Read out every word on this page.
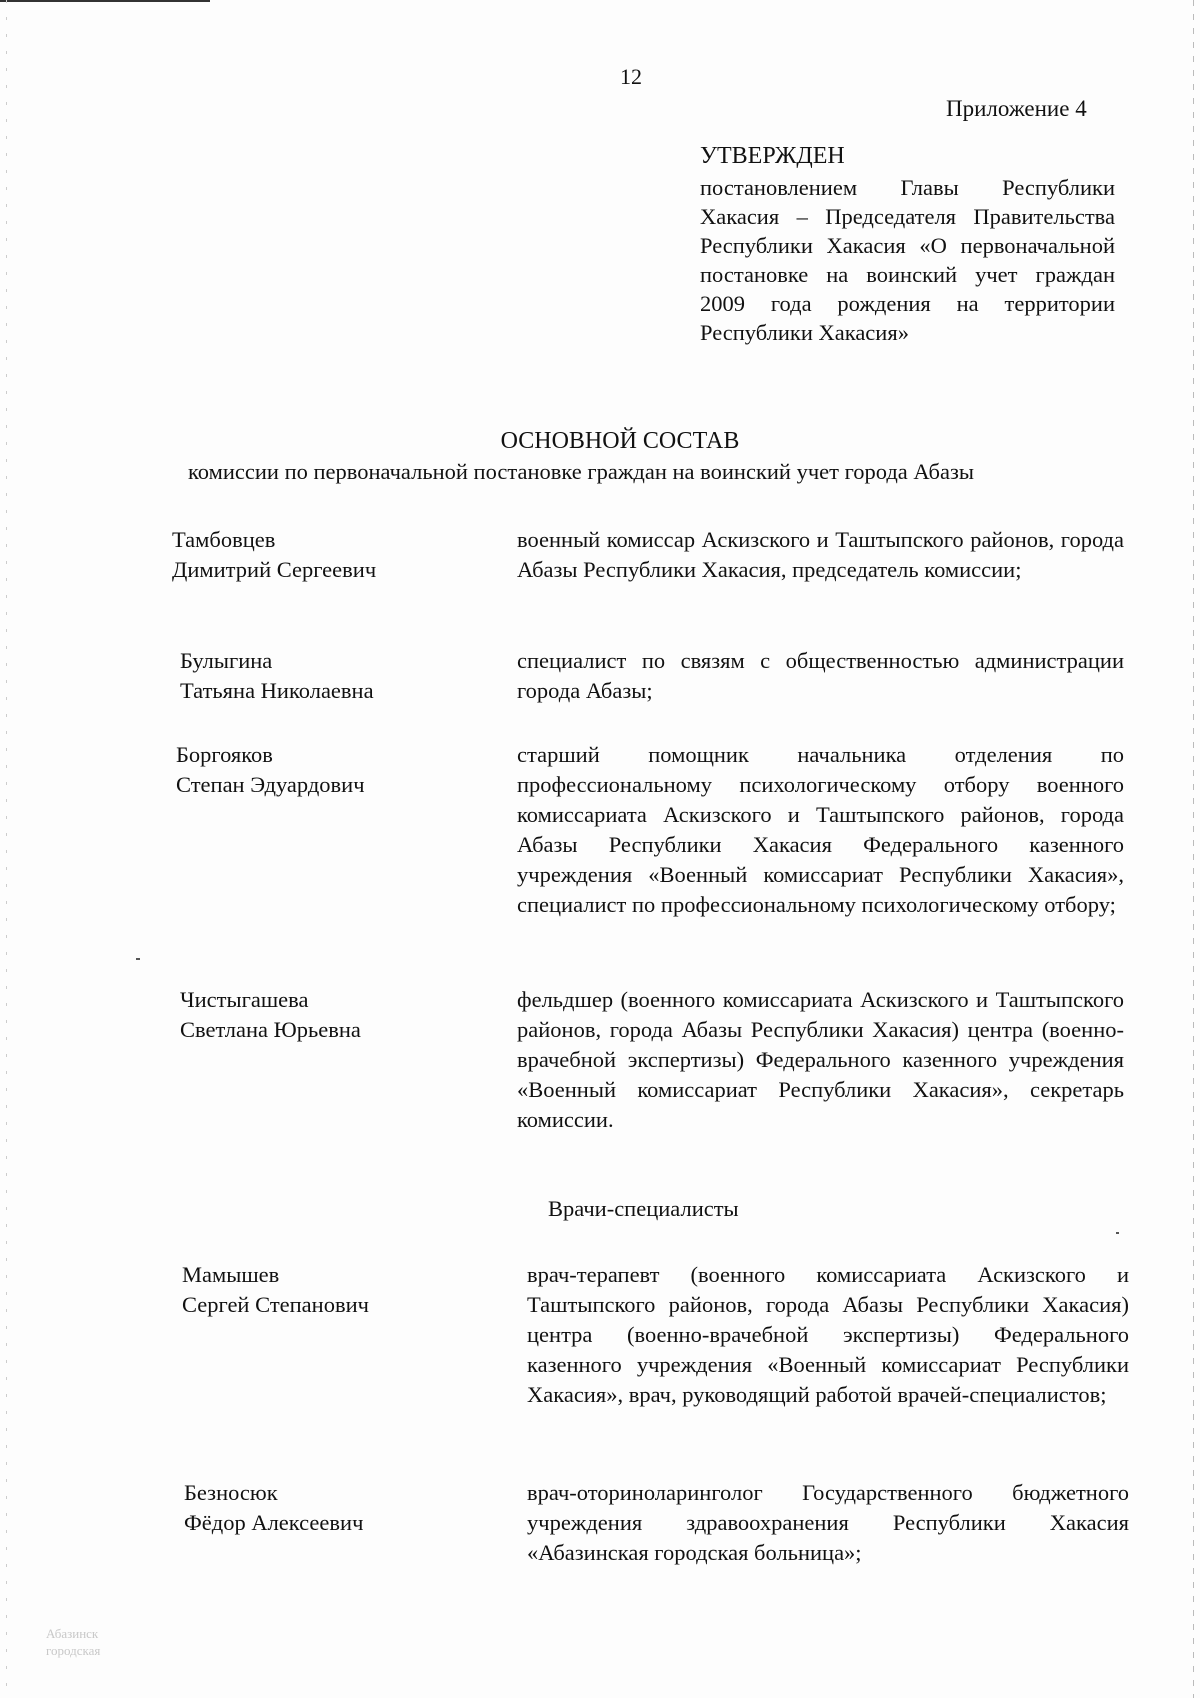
12
Приложение 4
УТВЕРЖДЕН
постановлением Главы Республики Хакасия – Председателя Правительства Республики Хакасия «О первоначальной постановке на воинский учет граждан 2009 года рождения на территории Республики Хакасия»
ОСНОВНОЙ СОСТАВ
комиссии по первоначальной постановке граждан на воинский учет города Абазы
Тамбовцев
Димитрий Сергеевич
военный комиссар Аскизского и Таштыпского районов, города Абазы Республики Хакасия, председатель комиссии;
Булыгина
Татьяна Николаевна
специалист по связям с общественностью администрации города Абазы;
Боргояков
Степан Эдуардович
старший помощник начальника отделения по профессиональному психологическому отбору военного комиссариата Аскизского и Таштыпского районов, города Абазы Республики Хакасия Федерального казенного учреждения «Военный комиссариат Республики Хакасия», специалист по профессиональному психологическому отбору;
Чистыгашева
Светлана Юрьевна
фельдшер (военного комиссариата Аскизского и Таштыпского районов, города Абазы Республики Хакасия) центра (военно-врачебной экспертизы) Федерального казенного учреждения «Военный комиссариат Республики Хакасия», секретарь комиссии.
Врачи-специалисты
Мамышев
Сергей Степанович
врач-терапевт (военного комиссариата Аскизского и Таштыпского районов, города Абазы Республики Хакасия) центра (военно-врачебной экспертизы) Федерального казенного учреждения «Военный комиссариат Республики Хакасия», врач, руководящий работой врачей-специалистов;
Безносюк
Фёдор Алексеевич
врач-оториноларинголог Государственного бюджетного учреждения здравоохранения Республики Хакасия «Абазинская городская больница»;
Абазинск
городская
